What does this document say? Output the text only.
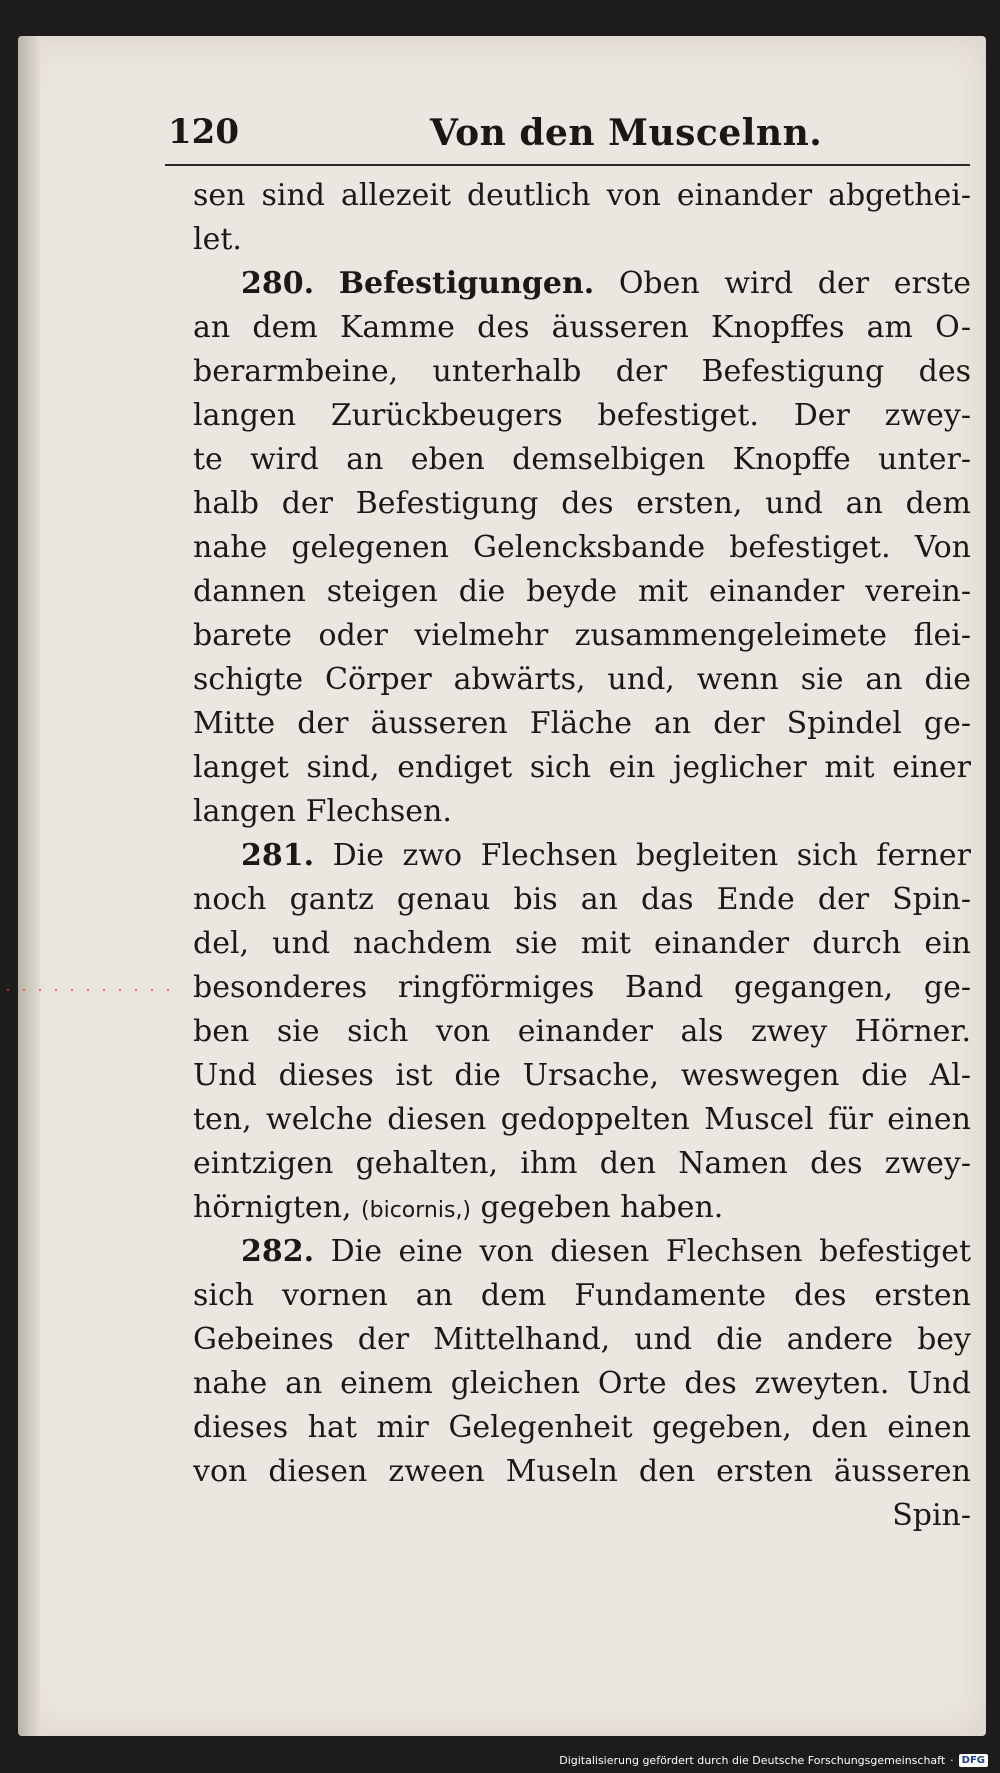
120	Von den Muscelnn.
sen sind allezeit deutlich von einander abgethei-
let.
280. Befestigungen. Oben wird der erste
an dem Kamme des äusseren Knopffes am O-
berarmbeine, unterhalb der Befestigung des
langen Zurückbeugers befestiget. Der zwey-
te wird an eben demselbigen Knopffe unter-
halb der Befestigung des ersten, und an dem
nahe gelegenen Gelencksbande befestiget. Von
dannen steigen die beyde mit einander verein-
barete oder vielmehr zusammengeleimete flei-
schigte Cörper abwärts, und, wenn sie an die
Mitte der äusseren Fläche an der Spindel ge-
langet sind, endiget sich ein jeglicher mit einer
langen Flechsen.
281. Die zwo Flechsen begleiten sich ferner
noch gantz genau bis an das Ende der Spin-
del, und nachdem sie mit einander durch ein
besonderes ringförmiges Band gegangen, ge-
ben sie sich von einander als zwey Hörner.
Und dieses ist die Ursache, weswegen die Al-
ten, welche diesen gedoppelten Muscel für einen
eintzigen gehalten, ihm den Namen des zwey-
hörnigten, (bicornis,) gegeben haben.
282. Die eine von diesen Flechsen befestiget
sich vornen an dem Fundamente des ersten
Gebeines der Mittelhand, und die andere bey
nahe an einem gleichen Orte des zweyten. Und
dieses hat mir Gelegenheit gegeben, den einen
von diesen zween Museln den ersten äusseren
Spin-
Digitalisierung gefördert durch die Deutsche Forschungsgemeinschaft · DFG
